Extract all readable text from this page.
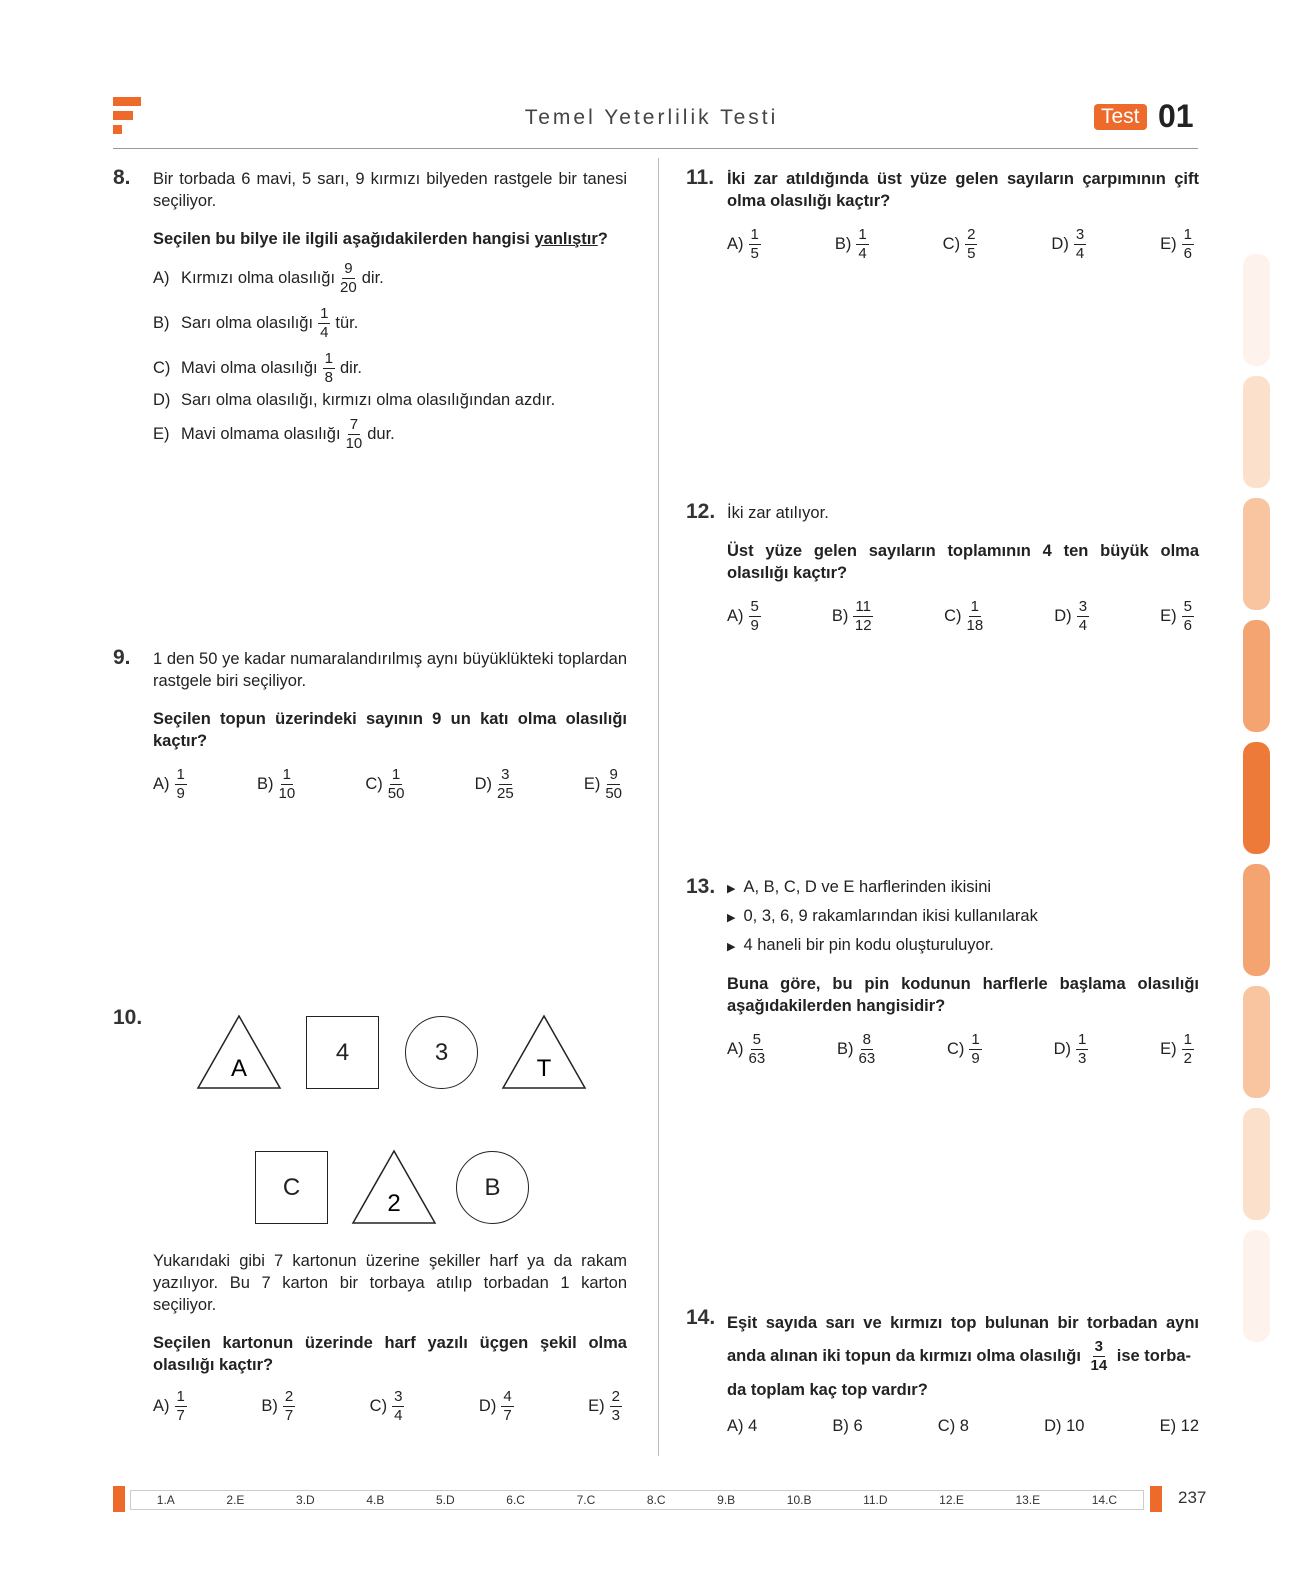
Temel Yeterlilik Testi	Test 01
8. Bir torbada 6 mavi, 5 sarı, 9 kırmızı bilyeden rastgele bir tanesi seçiliyor.
Seçilen bu bilye ile ilgili aşağıdakilerden hangisi yanlıştır?
A) Kırmızı olma olasılığı $\frac{9}{20}$ dir.
B) Sarı olma olasılığı $\frac{1}{4}$ tür.
C) Mavi olma olasılığı $\frac{1}{8}$ dir.
D) Sarı olma olasılığı, kırmızı olma olasılığından azdır.
E) Mavi olmama olasılığı $\frac{7}{10}$ dur.
9. 1 den 50 ye kadar numaralandırılmış aynı büyüklükteki toplardan rastgele biri seçiliyor.
Seçilen topun üzerindeki sayının 9 un katı olma olasılığı kaçtır?
$A) \frac{1}{9}$	$B) \frac{1}{10}$	$C) \frac{1}{50}$	$D) \frac{3}{25}$	$E) \frac{9}{50}$
10.
A
4	3
T
C
2
B
Yukarıdaki gibi 7 kartonun üzerine şekiller harf ya da rakam yazılıyor. Bu 7 karton bir torbaya atılıp torbadan 1 karton seçiliyor.
Seçilen kartonun üzerinde harf yazılı üçgen şekil olma olasılığı kaçtır?
$A) \frac{1}{7}$	$B) \frac{2}{7}$	$C) \frac{3}{4}$	$D) \frac{4}{7}$	$E) \frac{2}{3}$
11. İki zar atıldığında üst yüze gelen sayıların çarpımının çift olma olasılığı kaçtır?
$A) \frac{1}{5}$	$B) \frac{1}{4}$	$C) \frac{2}{5}$	$D) \frac{3}{4}$	$E) \frac{1}{6}$
12. İki zar atılıyor.
Üst yüze gelen sayıların toplamının 4 ten büyük olma olasılığı kaçtır?
$A) \frac{5}{9}$	$B) \frac{11}{12}$	$C) \frac{1}{18}$	$D) \frac{3}{4}$	$E) \frac{5}{6}$
13. ▶ A, B, C, D ve E harflerinden ikisini
▶ 0, 3, 6, 9 rakamlarından ikisi kullanılarak
▶ 4 haneli bir pin kodu oluşturuluyor.
Buna göre, bu pin kodunun harflerle başlama olasılığı aşağıdakilerden hangisidir?
$A) \frac{5}{63}$	$B) \frac{8}{63}$	$C) \frac{1}{9}$	$D) \frac{1}{3}$	$E) \frac{1}{2}$
14. Eşit sayıda sarı ve kırmızı top bulunan bir torbadan aynı anda alınan iki topun da kırmızı olma olasılığı $\frac{3}{14}$ ise torba-
da toplam kaç top vardır?
A) 4	B) 6	C) 8	D) 10	E) 12
1.A	2.E	3.D	4.B	5.D	6.C	7.C	8.C	9.B	10.B	11.D	12.E	13.E	14.C	237
